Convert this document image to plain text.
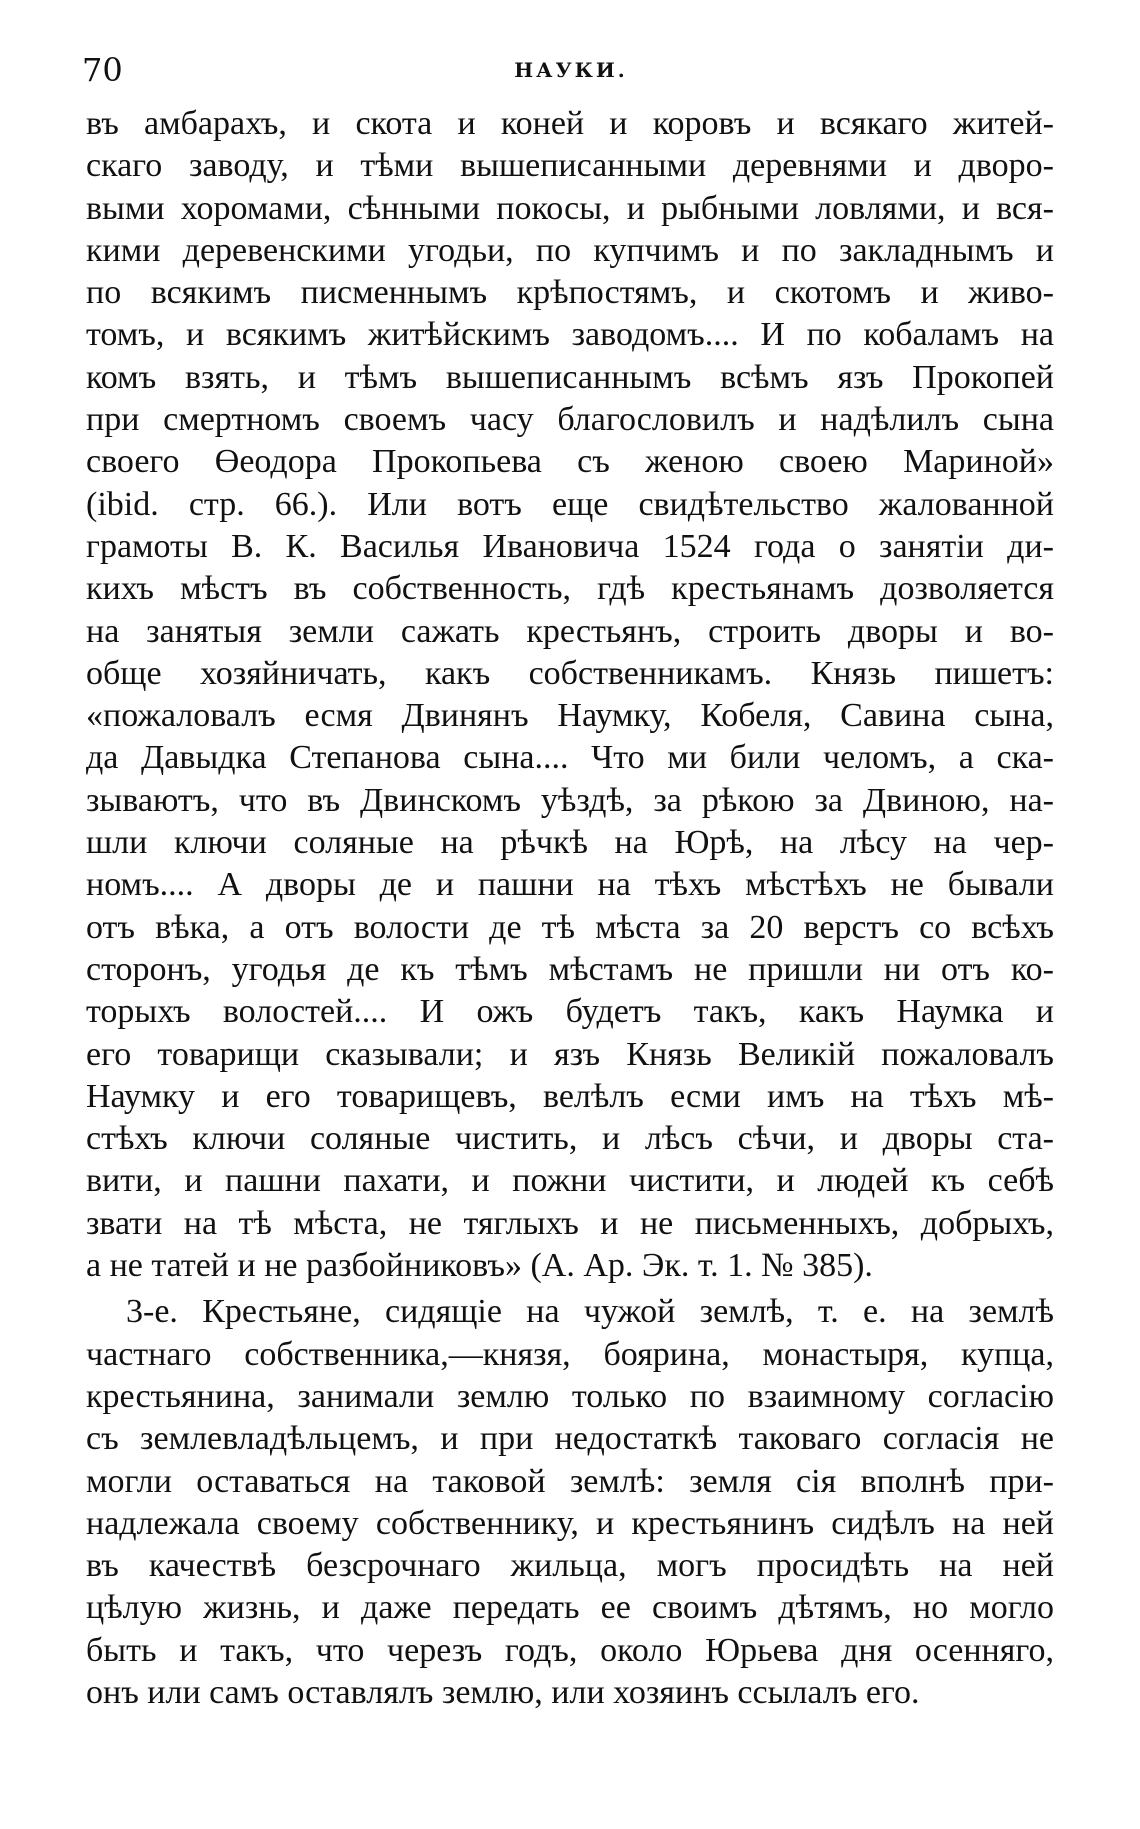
70	НАУКИ.
въ амбарахъ, и скота и коней и коровъ и всякаго житей-
скаго заводу, и тѣми вышеписанными деревнями и дворо-
выми хоромами, сѣнными покосы, и рыбными ловлями, и вся-
кими деревенскими угодьи, по купчимъ и по закладнымъ и
по всякимъ писменнымъ крѣпостямъ, и скотомъ и живо-
томъ, и всякимъ житѣйскимъ заводомъ.... И по кобаламъ на
комъ взять, и тѣмъ вышеписаннымъ всѣмъ язъ Прокопей
при смертномъ своемъ часу благословилъ и надѣлилъ сына
своего Өеодора Прокопьева съ женою своею Мариной»
(ibid. стр. 66.). Или вотъ еще свидѣтельство жалованной
грамоты В. К. Василья Ивановича 1524 года о занятіи ди-
кихъ мѣстъ въ собственность, гдѣ крестьянамъ дозволяется
на занятыя земли сажать крестьянъ, строить дворы и во-
обще хозяйничать, какъ собственникамъ. Князь пишетъ:
«пожаловалъ есмя Двинянъ Наумку, Кобеля, Савина сына,
да Давыдка Степанова сына.... Что ми били челомъ, а ска-
зываютъ, что въ Двинскомъ уѣздѣ, за рѣкою за Двиною, на-
шли ключи соляные на рѣчкѣ на Юрѣ, на лѣсу на чер-
номъ.... А дворы де и пашни на тѣхъ мѣстѣхъ не бывали
отъ вѣка, а отъ волости де тѣ мѣста за 20 верстъ со всѣхъ
сторонъ, угодья де къ тѣмъ мѣстамъ не пришли ни отъ ко-
торыхъ волостей.... И ожъ будетъ такъ, какъ Наумка и
его товарищи сказывали; и язъ Князь Великій пожаловалъ
Наумку и его товарищевъ, велѣлъ есми имъ на тѣхъ мѣ-
стѣхъ ключи соляные чистить, и лѣсъ сѣчи, и дворы ста-
вити, и пашни пахати, и пожни чистити, и людей къ себѣ
звати на тѣ мѣста, не тяглыхъ и не письменныхъ, добрыхъ,
а не татей и не разбойниковъ» (А. Ар. Эк. т. 1. № 385).
3-е. Крестьяне, сидящіе на чужой землѣ, т. е. на землѣ
частнаго собственника,—князя, боярина, монастыря, купца,
крестьянина, занимали землю только по взаимному согласію
съ землевладѣльцемъ, и при недостаткѣ таковаго согласія не
могли оставаться на таковой землѣ: земля сія вполнѣ при-
надлежала своему собственнику, и крестьянинъ сидѣлъ на ней
въ качествѣ безсрочнаго жильца, могъ просидѣть на ней
цѣлую жизнь, и даже передать ее своимъ дѣтямъ, но могло
быть и такъ, что черезъ годъ, около Юрьева дня осенняго,
онъ или самъ оставлялъ землю, или хозяинъ ссылалъ его.
